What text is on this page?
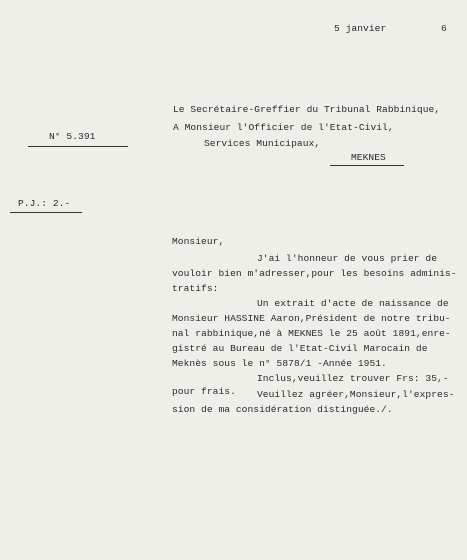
5 janvier	6
Le Secrétaire-Greffier du Tribunal Rabbinique,
N° 5.391
A Monsieur l'Officier de l'Etat-Civil,
Services Municipaux,
MEKNES
P.J.: 2.-
Monsieur,
J'ai l'honneur de vous prier de
vouloir bien m'adresser,pour les besoins adminis-
tratifs:
Un extrait d'acte de naissance de
Monsieur HASSINE Aaron,Président de notre tribu-
nal rabbinique,né à MEKNES le 25 août 1891,enre-
gistré au Bureau de l'Etat-Civil Marocain de
Meknès sous le n° 5878/1 -Année 1951.
Inclus,veuillez trouver Frs: 35,-
pour frais. Veuillez agréer,Monsieur,l'expres-
sion de ma considération distinguée./.
